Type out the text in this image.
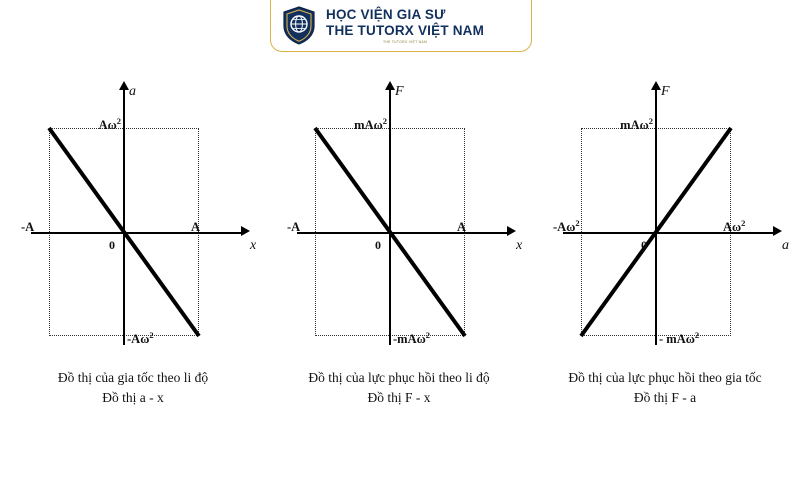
HỌC VIỆN GIA SƯ
THE TUTORX VIỆT NAM
THE TUTORX VIỆT NAM
a
x
0
$A\omega^2$
$-A\omega^2$
-A	A
Đồ thị của gia tốc theo li độ
Đồ thị a - x
F
x
0
mAω$^2$
-mAω$^2$
-A	A
Đồ thị của lực phục hồi theo li độ
Đồ thị F - x
F
a
0
mAω$^2$
- mAω$^2$
$-A\omega^2$	$A\omega^2$
Đồ thị của lực phục hồi theo gia tốc
Đồ thị F - a
